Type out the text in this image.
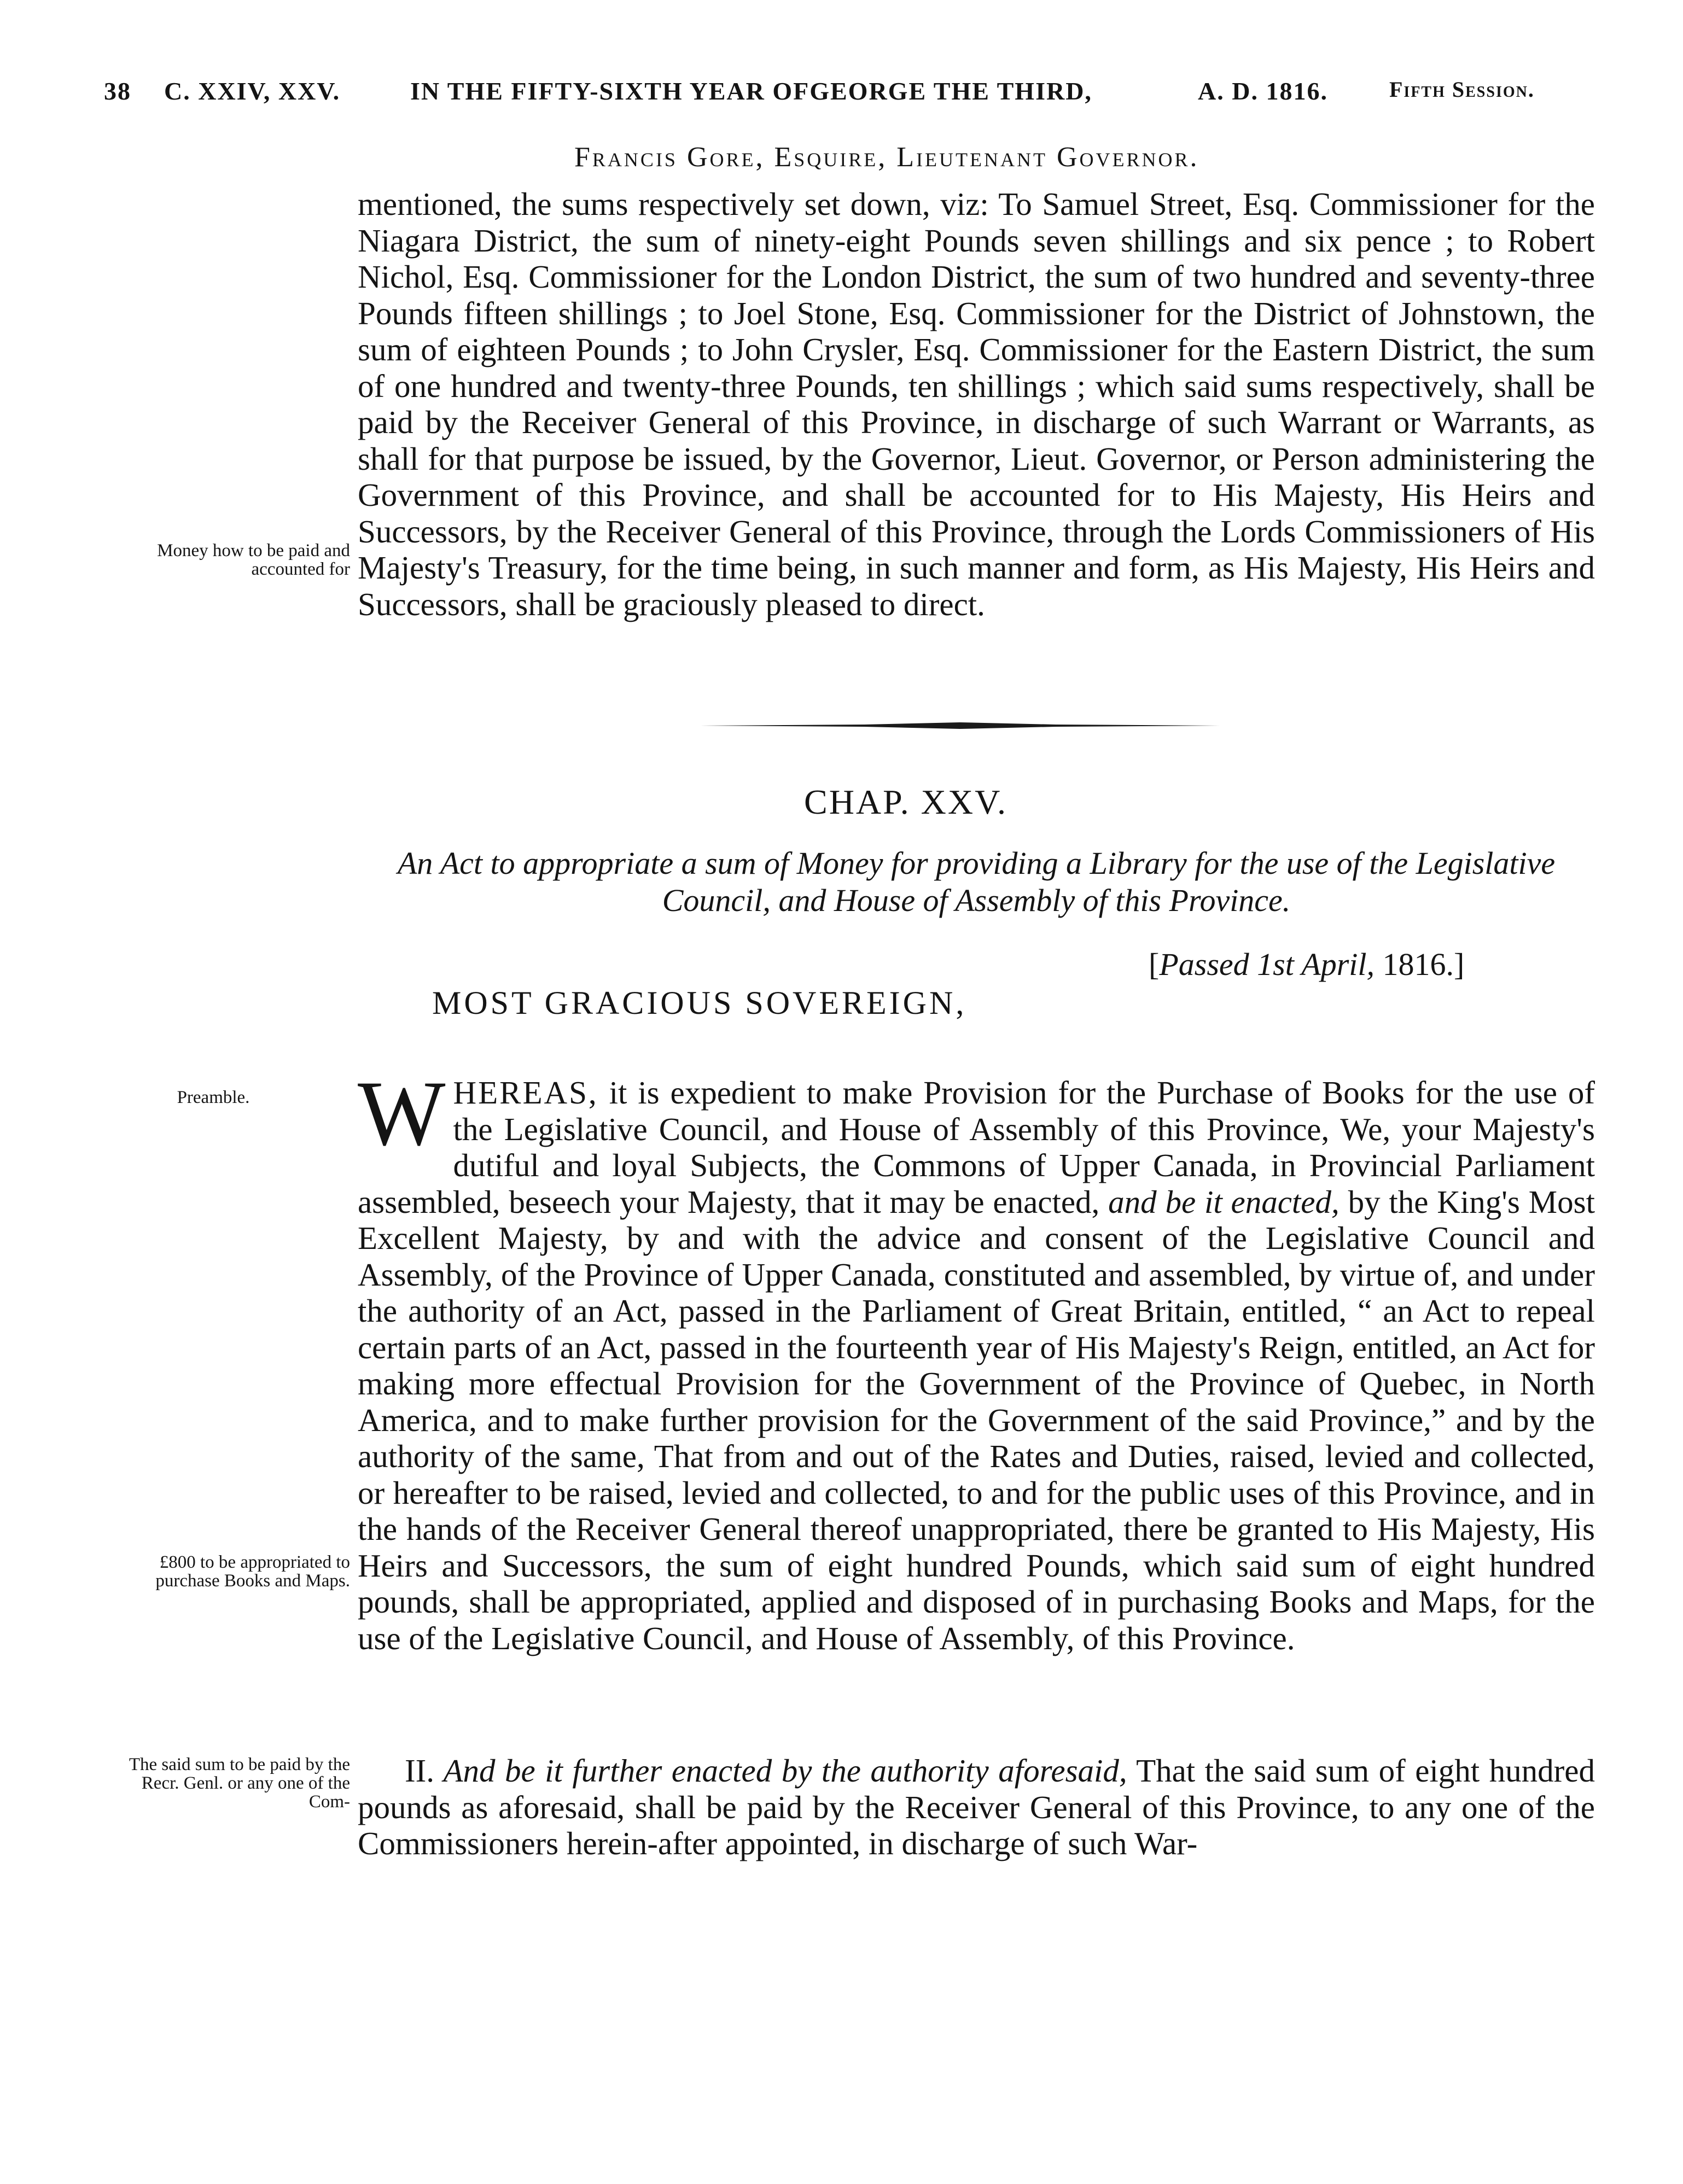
38 C. XXIV, XXV.	IN THE FIFTY-SIXTH YEAR OFGEORGE THE THIRD,	A. D. 1816.	Fifth Session.
Francis Gore, Esquire, Lieutenant Governor.

mentioned, the sums respectively set down, viz: To Samuel Street, Esq. Commissioner for the Niagara District, the sum of ninety-eight Pounds seven shillings and six pence ; to Robert Nichol, Esq. Commissioner for the London District, the sum of two hundred and seventy-three Pounds fifteen shillings ; to Joel Stone, Esq. Commissioner for the District of Johnstown, the sum of eighteen Pounds ; to John Crysler, Esq. Commissioner for the Eastern District, the sum of one hundred and twenty-three Pounds, ten shillings ; which said sums respectively, shall be paid by the Receiver General of this Province, in discharge of such Warrant or Warrants, as shall for that purpose be issued, by the Governor, Lieut. Governor, or Person administering the Government of this Province, and shall be accounted for to His Majesty, His Heirs and Successors, by the Receiver General of this Province, through the Lords Commissioners of His Majesty's Treasury, for the time being, in such manner and form, as His Majesty, His Heirs and Successors, shall be graciously pleased to direct.

CHAP. XXV.
An Act to appropriate a sum of Money for providing a Library for the use of the Legislative Council, and House of Assembly of this Province.
[Passed 1st April, 1816.]
MOST GRACIOUS SOVEREIGN,

WHEREAS, it is expedient to make Provision for the Purchase of Books for the use of the Legislative Council, and House of Assembly of this Province, We, your Majesty's dutiful and loyal Subjects, the Commons of Upper Canada, in Provincial Parliament assembled, beseech your Majesty, that it may be enacted, and be it enacted, by the King's Most Excellent Majesty, by and with the advice and consent of the Legislative Council and Assembly, of the Province of Upper Canada, constituted and assembled, by virtue of, and under the authority of an Act, passed in the Parliament of Great Britain, entitled, “ an Act to repeal certain parts of an Act, passed in the fourteenth year of His Majesty's Reign, entitled, an Act for making more effectual Provision for the Government of the Province of Quebec, in North America, and to make further provision for the Government of the said Province,” and by the authority of the same, That from and out of the Rates and Duties, raised, levied and collected, or hereafter to be raised, levied and collected, to and for the public uses of this Province, and in the hands of the Receiver General thereof unappropriated, there be granted to His Majesty, His Heirs and Successors, the sum of eight hundred Pounds, which said sum of eight hundred pounds, shall be appropriated, applied and disposed of in purchasing Books and Maps, for the use of the Legislative Council, and House of Assembly, of this Province.

II. And be it further enacted by the authority aforesaid, That the said sum of eight hundred pounds as aforesaid, shall be paid by the Receiver General of this Province, to any one of the Commissioners herein-after appointed, in discharge of such War-

Money how to be paid and accounted for
Preamble.
£800 to be appropriated to purchase Books and Maps.
The said sum to be paid by the Recr. Genl. or any one of the Com-
